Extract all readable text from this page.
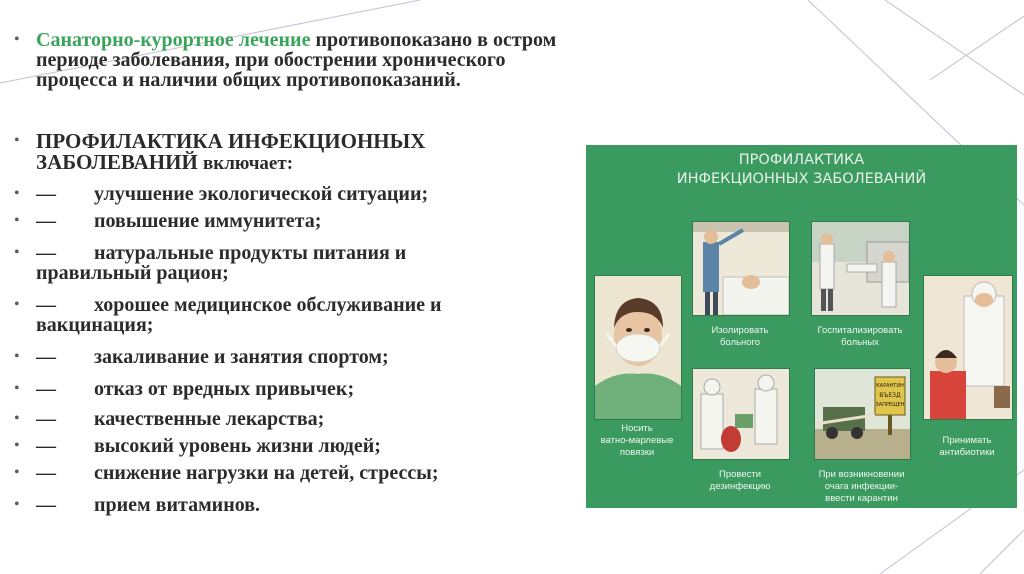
• Санаторно-курортное лечение противопоказано в остром периоде заболевания, при обострении хронического процесса и наличии общих противопоказаний.
• ПРОФИЛАКТИКА ИНФЕКЦИОННЫХ ЗАБОЛЕВАНИЙ включает:
• — улучшение экологической ситуации;
• — повышение иммунитета;
• — натуральные продукты питания и
правильный рацион;
• — хорошее медицинское обслуживание и
вакцинация;
• — закаливание и занятия спортом;
• — отказ от вредных привычек;
• — качественные лекарства;
• — высокий уровень жизни людей;
• — снижение нагрузки на детей, стрессы;
• — прием витаминов.
ПРОФИЛАКТИКА
ИНФЕКЦИОННЫХ ЗАБОЛЕВАНИЙ
Носить
ватно-марлевые
повязки
Изолировать
больного
Госпитализировать
больных
Принимать
антибиотики
Провести
дезинфекцию
КАРАНТИН
ВЪЕЗД
ЗАПРЕЩЕН
При возникновении
очага инфекции-
ввести карантин
